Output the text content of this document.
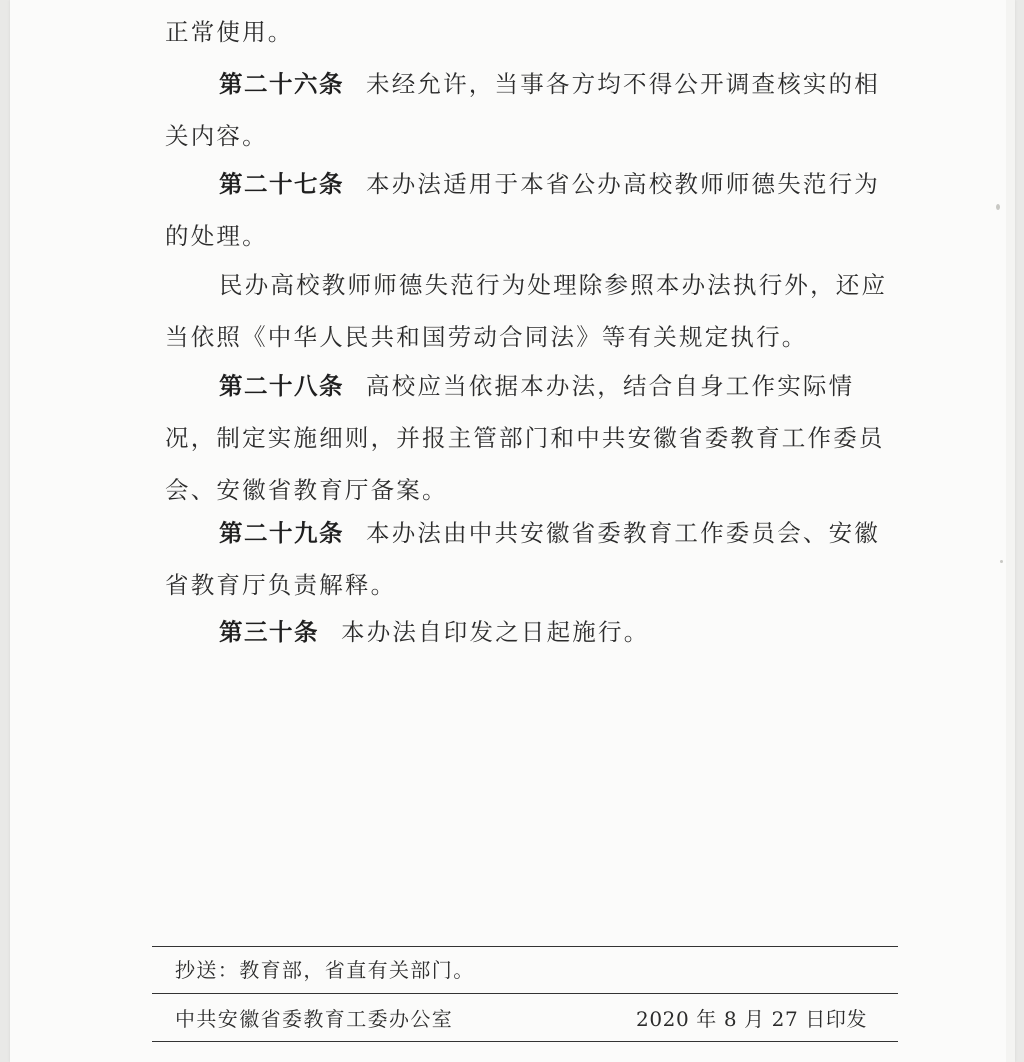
正常使用。

第二十六条 未经允许，当事各方均不得公开调查核实的相关内容。

第二十七条 本办法适用于本省公办高校教师师德失范行为的处理。

民办高校教师师德失范行为处理除参照本办法执行外，还应当依照《中华人民共和国劳动合同法》等有关规定执行。

第二十八条 高校应当依据本办法，结合自身工作实际情况，制定实施细则，并报主管部门和中共安徽省委教育工作委员会、安徽省教育厅备案。

第二十九条 本办法由中共安徽省委教育工作委员会、安徽省教育厅负责解释。

第三十条 本办法自印发之日起施行。

抄送：教育部，省直有关部门。
中共安徽省委教育工委办公室	2020 年 8 月 27 日印发
